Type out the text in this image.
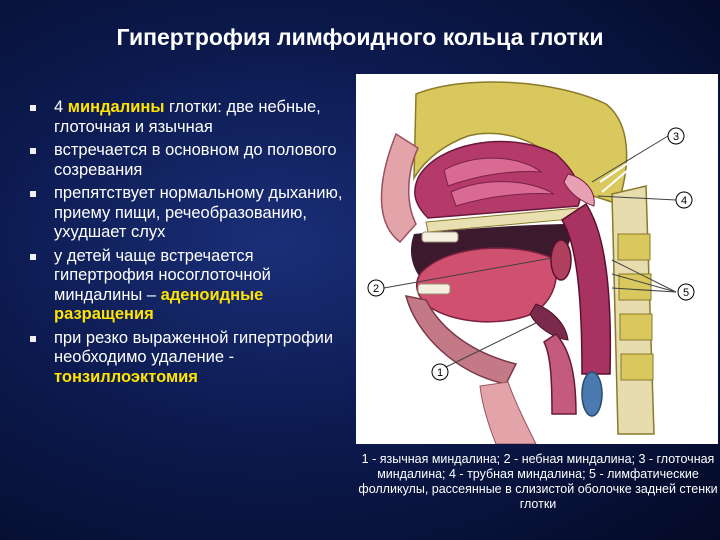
Гипертрофия лимфоидного кольца глотки
4 миндалины глотки: две небные, глоточная и язычная
встречается в основном до полового созревания
препятствует нормальному дыханию, приему пищи, речеобразованию, ухудшает слух
у детей чаще встречается гипертрофия носоглоточной миндалины – аденоидные разращения
при резко выраженной гипертрофии необходимо удаление - тонзиллоэктомия
3
4
2	5
1
1 - язычная миндалина; 2 - небная миндалина; 3 - глоточная миндалина; 4 - трубная миндалина; 5 - лимфатические фолликулы, рассеянные в слизистой оболочке задней стенки глотки
